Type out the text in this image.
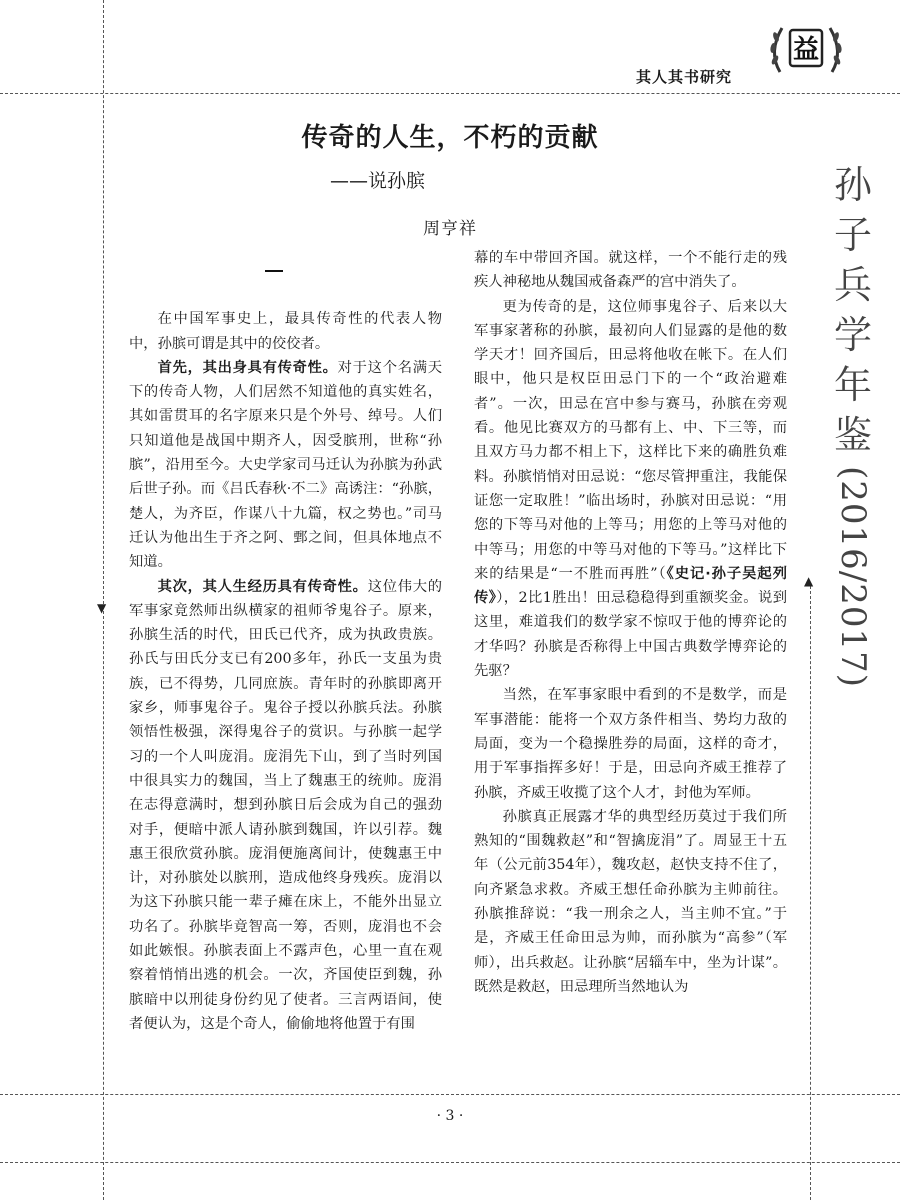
▼
▲
其人其书研究
益
孙
子
兵
学
年
鉴
(2016/2017)
传奇的人生，不朽的贡献
——说孙膑
周亨祥

在中国军事史上，最具传奇性的代表人物中，孙膑可谓是其中的佼佼者。

首先，其出身具有传奇性。对于这个名满天下的传奇人物，人们居然不知道他的真实姓名，其如雷贯耳的名字原来只是个外号、绰号。人们只知道他是战国中期齐人，因受膑刑，世称“孙膑”，沿用至今。大史学家司马迁认为孙膑为孙武后世子孙。而《吕氏春秋·不二》高诱注：“孙膑，楚人，为齐臣，作谋八十九篇，权之势也。”司马迁认为他出生于齐之阿、鄄之间，但具体地点不知道。

其次，其人生经历具有传奇性。这位伟大的军事家竟然师出纵横家的祖师爷鬼谷子。原来，孙膑生活的时代，田氏已代齐，成为执政贵族。孙氏与田氏分支已有200多年，孙氏一支虽为贵族，已不得势，几同庶族。青年时的孙膑即离开家乡，师事鬼谷子。鬼谷子授以孙膑兵法。孙膑领悟性极强，深得鬼谷子的赏识。与孙膑一起学习的一个人叫庞涓。庞涓先下山，到了当时列国中很具实力的魏国，当上了魏惠王的统帅。庞涓在志得意满时，想到孙膑日后会成为自己的强劲对手，便暗中派人请孙膑到魏国，许以引荐。魏惠王很欣赏孙膑。庞涓便施离间计，使魏惠王中计，对孙膑处以膑刑，造成他终身残疾。庞涓以为这下孙膑只能一辈子瘫在床上，不能外出显立功名了。孙膑毕竟智高一筹，否则，庞涓也不会如此嫉恨。孙膑表面上不露声色，心里一直在观察着悄悄出逃的机会。一次，齐国使臣到魏，孙膑暗中以刑徒身份约见了使者。三言两语间，使者便认为，这是个奇人，偷偷地将他置于有围

幕的车中带回齐国。就这样，一个不能行走的残疾人神秘地从魏国戒备森严的宫中消失了。

更为传奇的是，这位师事鬼谷子、后来以大军事家著称的孙膑，最初向人们显露的是他的数学天才！回齐国后，田忌将他收在帐下。在人们眼中，他只是权臣田忌门下的一个“政治避难者”。一次，田忌在宫中参与赛马，孙膑在旁观看。他见比赛双方的马都有上、中、下三等，而且双方马力都不相上下，这样比下来的确胜负难料。孙膑悄悄对田忌说：“您尽管押重注，我能保证您一定取胜！”临出场时，孙膑对田忌说：“用您的下等马对他的上等马；用您的上等马对他的中等马；用您的中等马对他的下等马。”这样比下来的结果是“一不胜而再胜”（《史记·孙子吴起列传》），2比1胜出！田忌稳稳得到重额奖金。说到这里，难道我们的数学家不惊叹于他的博弈论的才华吗？孙膑是否称得上中国古典数学博弈论的先驱？

当然，在军事家眼中看到的不是数学，而是军事潜能：能将一个双方条件相当、势均力敌的局面，变为一个稳操胜券的局面，这样的奇才，用于军事指挥多好！于是，田忌向齐威王推荐了孙膑，齐威王收揽了这个人才，封他为军师。

孙膑真正展露才华的典型经历莫过于我们所熟知的“围魏救赵”和“智擒庞涓”了。周显王十五年（公元前354年），魏攻赵，赵快支持不住了，向齐紧急求救。齐威王想任命孙膑为主帅前往。孙膑推辞说：“我一刑余之人，当主帅不宜。”于是，齐威王任命田忌为帅，而孙膑为“高参”（军师），出兵救赵。让孙膑“居辎车中，坐为计谋”。既然是救赵，田忌理所当然地认为

· 3 ·
